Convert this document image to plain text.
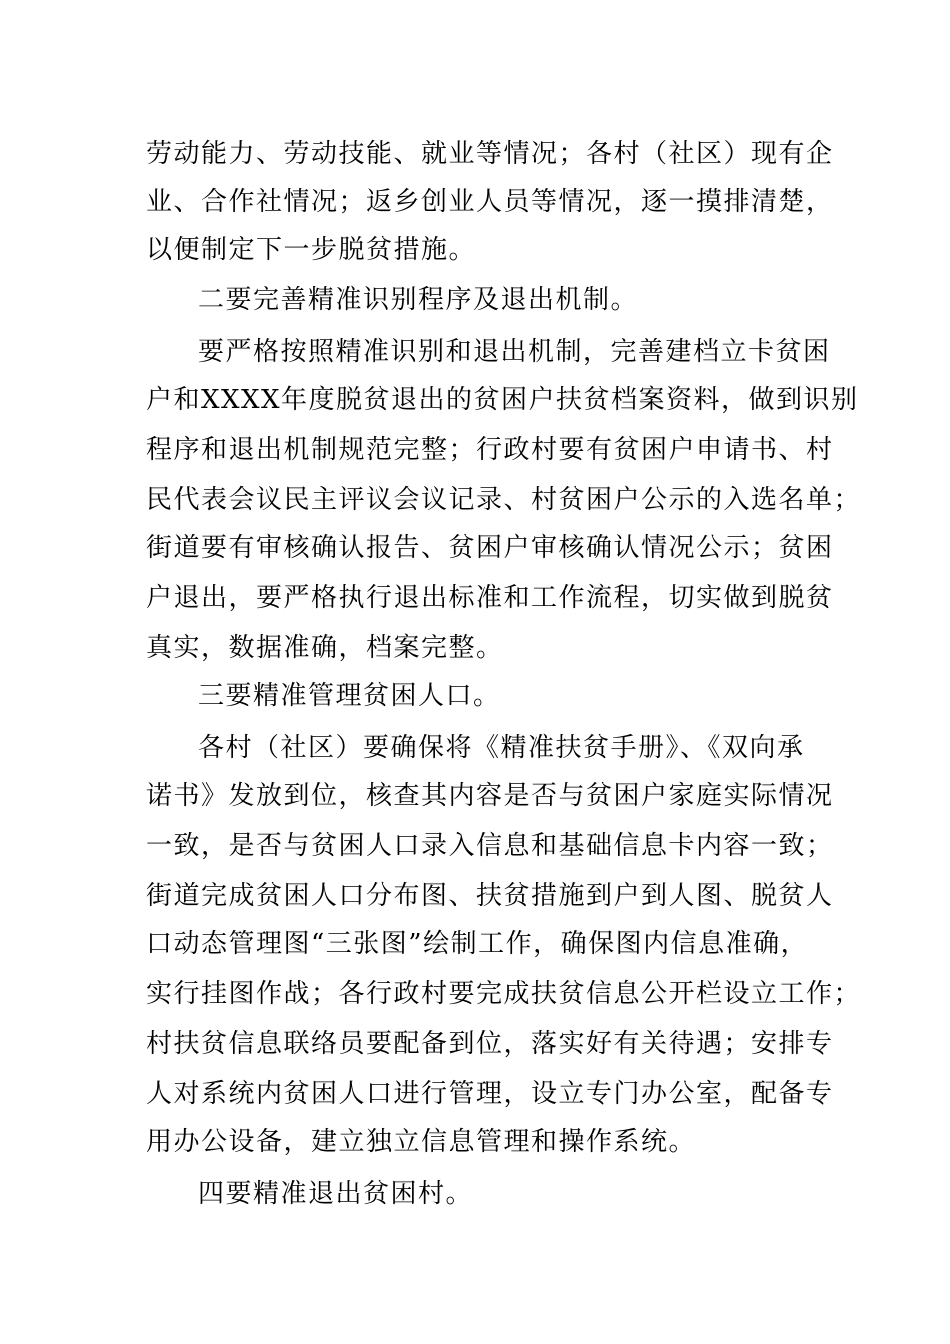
劳动能力、劳动技能、就业等情况；各村（社区）现有企
业、合作社情况；返乡创业人员等情况，逐一摸排清楚，
以便制定下一步脱贫措施。
二要完善精准识别程序及退出机制。
要严格按照精准识别和退出机制，完善建档立卡贫困
户和XXXX年度脱贫退出的贫困户扶贫档案资料，做到识别
程序和退出机制规范完整；行政村要有贫困户申请书、村
民代表会议民主评议会议记录、村贫困户公示的入选名单；
街道要有审核确认报告、贫困户审核确认情况公示；贫困
户退出，要严格执行退出标准和工作流程，切实做到脱贫
真实，数据准确，档案完整。
三要精准管理贫困人口。
各村（社区）要确保将《精准扶贫手册》、《双向承
诺书》发放到位，核查其内容是否与贫困户家庭实际情况
一致，是否与贫困人口录入信息和基础信息卡内容一致；
街道完成贫困人口分布图、扶贫措施到户到人图、脱贫人
口动态管理图“三张图”绘制工作，确保图内信息准确，
实行挂图作战；各行政村要完成扶贫信息公开栏设立工作；
村扶贫信息联络员要配备到位，落实好有关待遇；安排专
人对系统内贫困人口进行管理，设立专门办公室，配备专
用办公设备，建立独立信息管理和操作系统。
四要精准退出贫困村。
